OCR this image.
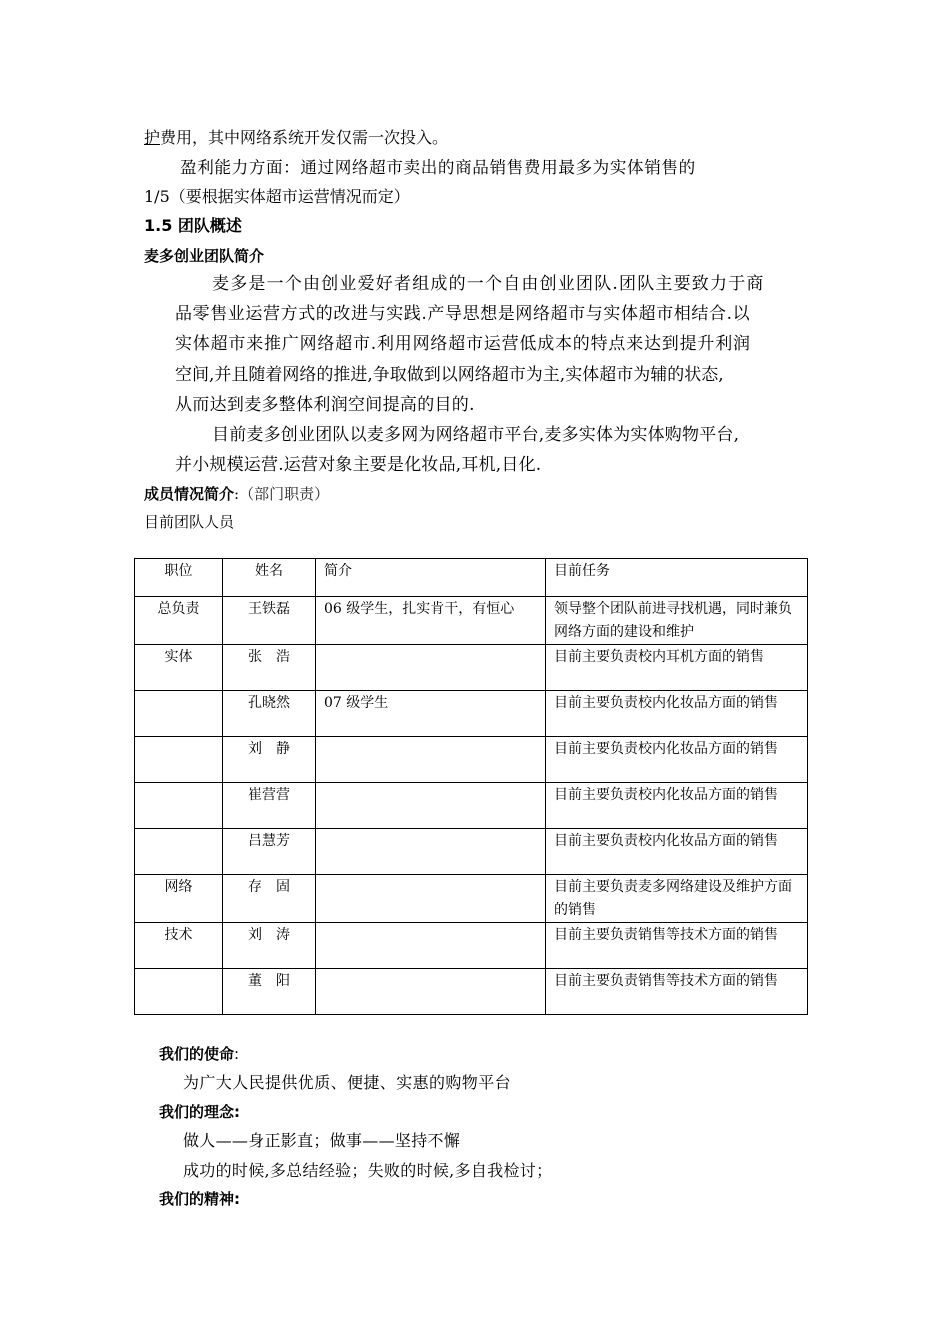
护费用，其中网络系统开发仅需一次投入。
盈利能力方面：通过网络超市卖出的商品销售费用最多为实体销售的
1/5（要根据实体超市运营情况而定）
1.5 团队概述
麦多创业团队简介
麦多是一个由创业爱好者组成的一个自由创业团队.团队主要致力于商
品零售业运营方式的改进与实践.产导思想是网络超市与实体超市相结合.以
实体超市来推广网络超市.利用网络超市运营低成本的特点来达到提升利润
空间,并且随着网络的推进,争取做到以网络超市为主,实体超市为辅的状态,
从而达到麦多整体利润空间提高的目的.
目前麦多创业团队以麦多网为网络超市平台,麦多实体为实体购物平台,
并小规模运营.运营对象主要是化妆品,耳机,日化.
成员情况简介:（部门职责）
目前团队人员
职位	姓名	简介	目前任务
总负责	王铁磊	06 级学生，扎实肯干，有恒心	领导整个团队前进寻找机遇，同时兼负网络方面的建设和维护
实体	张　浩		目前主要负责校内耳机方面的销售
	孔晓然	07 级学生	目前主要负责校内化妆品方面的销售
	刘　静		目前主要负责校内化妆品方面的销售
	崔营营		目前主要负责校内化妆品方面的销售
	吕慧芳		目前主要负责校内化妆品方面的销售
网络	存　固		目前主要负责麦多网络建设及维护方面的销售
技术	刘　涛		目前主要负责销售等技术方面的销售
	董　阳		目前主要负责销售等技术方面的销售
我们的使命:
为广大人民提供优质、便捷、实惠的购物平台
我们的理念:
做人——身正影直；做事——坚持不懈
成功的时候,多总结经验；失败的时候,多自我检讨；
我们的精神:
